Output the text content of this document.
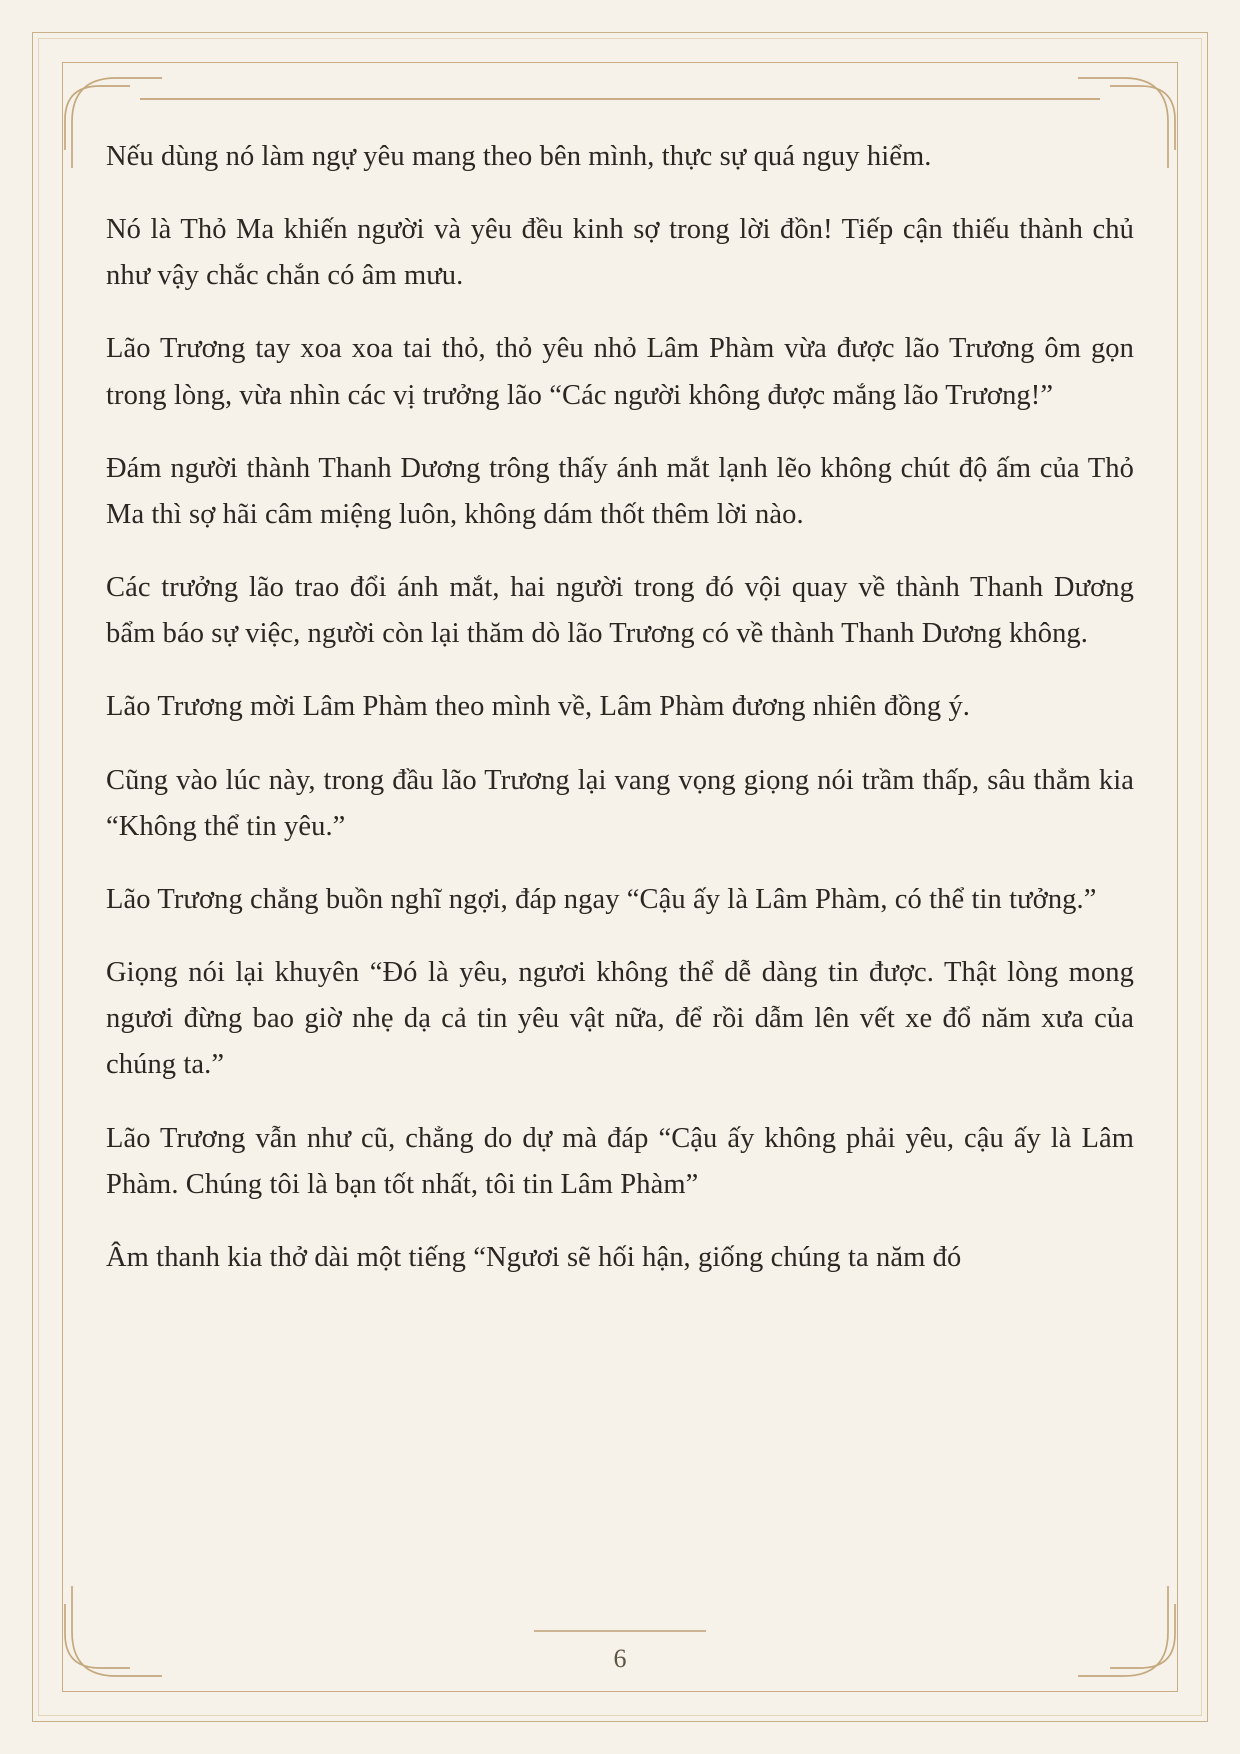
Nếu dùng nó làm ngự yêu mang theo bên mình, thực sự quá nguy hiểm.

Nó là Thỏ Ma khiến người và yêu đều kinh sợ trong lời đồn! Tiếp cận thiếu thành chủ như vậy chắc chắn có âm mưu.

Lão Trương tay xoa xoa tai thỏ, thỏ yêu nhỏ Lâm Phàm vừa được lão Trương ôm gọn trong lòng, vừa nhìn các vị trưởng lão “Các người không được mắng lão Trương!”

Đám người thành Thanh Dương trông thấy ánh mắt lạnh lẽo không chút độ ấm của Thỏ Ma thì sợ hãi câm miệng luôn, không dám thốt thêm lời nào.

Các trưởng lão trao đổi ánh mắt, hai người trong đó vội quay về thành Thanh Dương bẩm báo sự việc, người còn lại thăm dò lão Trương có về thành Thanh Dương không.

Lão Trương mời Lâm Phàm theo mình về, Lâm Phàm đương nhiên đồng ý.

Cũng vào lúc này, trong đầu lão Trương lại vang vọng giọng nói trầm thấp, sâu thẳm kia “Không thể tin yêu.”

Lão Trương chẳng buồn nghĩ ngợi, đáp ngay “Cậu ấy là Lâm Phàm, có thể tin tưởng.”

Giọng nói lại khuyên “Đó là yêu, ngươi không thể dễ dàng tin được. Thật lòng mong ngươi đừng bao giờ nhẹ dạ cả tin yêu vật nữa, để rồi dẫm lên vết xe đổ năm xưa của chúng ta.”

Lão Trương vẫn như cũ, chẳng do dự mà đáp “Cậu ấy không phải yêu, cậu ấy là Lâm Phàm. Chúng tôi là bạn tốt nhất, tôi tin Lâm Phàm”

Âm thanh kia thở dài một tiếng “Ngươi sẽ hối hận, giống chúng ta năm đó

6
